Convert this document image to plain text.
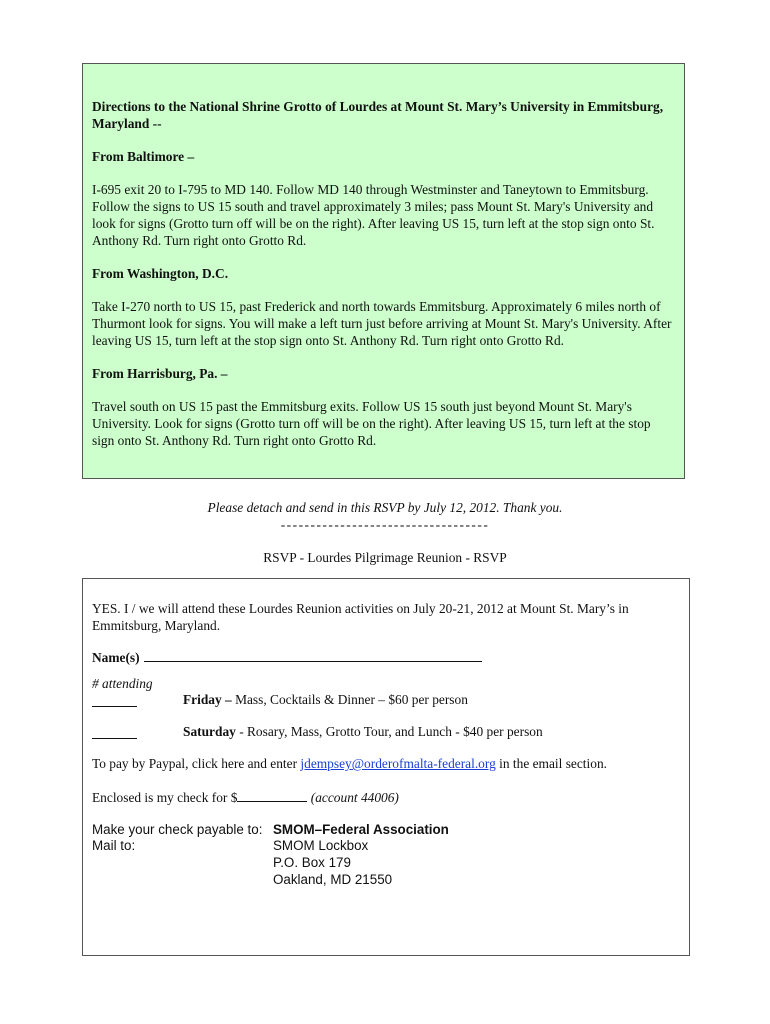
Directions to the National Shrine Grotto of Lourdes at Mount St. Mary’s University in Emmitsburg, Maryland --

From Baltimore –

I-695 exit 20 to I-795 to MD 140. Follow MD 140 through Westminster and Taneytown to Emmitsburg. Follow the signs to US 15 south and travel approximately 3 miles; pass Mount St. Mary's University and look for signs (Grotto turn off will be on the right). After leaving US 15, turn left at the stop sign onto St. Anthony Rd. Turn right onto Grotto Rd.

From Washington, D.C.

Take I-270 north to US 15, past Frederick and north towards Emmitsburg. Approximately 6 miles north of Thurmont look for signs. You will make a left turn just before arriving at Mount St. Mary's University. After leaving US 15, turn left at the stop sign onto St. Anthony Rd. Turn right onto Grotto Rd.

From Harrisburg, Pa. –

Travel south on US 15 past the Emmitsburg exits. Follow US 15 south just beyond Mount St. Mary's University. Look for signs (Grotto turn off will be on the right). After leaving US 15, turn left at the stop sign onto St. Anthony Rd. Turn right onto Grotto Rd.

Please detach and send in this RSVP by July 12, 2012. Thank you.
-----------------------------------
RSVP - Lourdes Pilgrimage Reunion - RSVP
YES. I / we will attend these Lourdes Reunion activities on July 20-21, 2012 at Mount St. Mary’s in Emmitsburg, Maryland.
Name(s)
# attending
Friday – Mass, Cocktails & Dinner – $60 per person
Saturday - Rosary, Mass, Grotto Tour, and Lunch - $40 per person
To pay by Paypal, click here and enter jdempsey@orderofmalta-federal.org in the email section.
Enclosed is my check for $	(account 44006)
Make your check payable to:
Mail to:
SMOM–Federal Association
SMOM Lockbox
P.O. Box 179
Oakland, MD 21550
